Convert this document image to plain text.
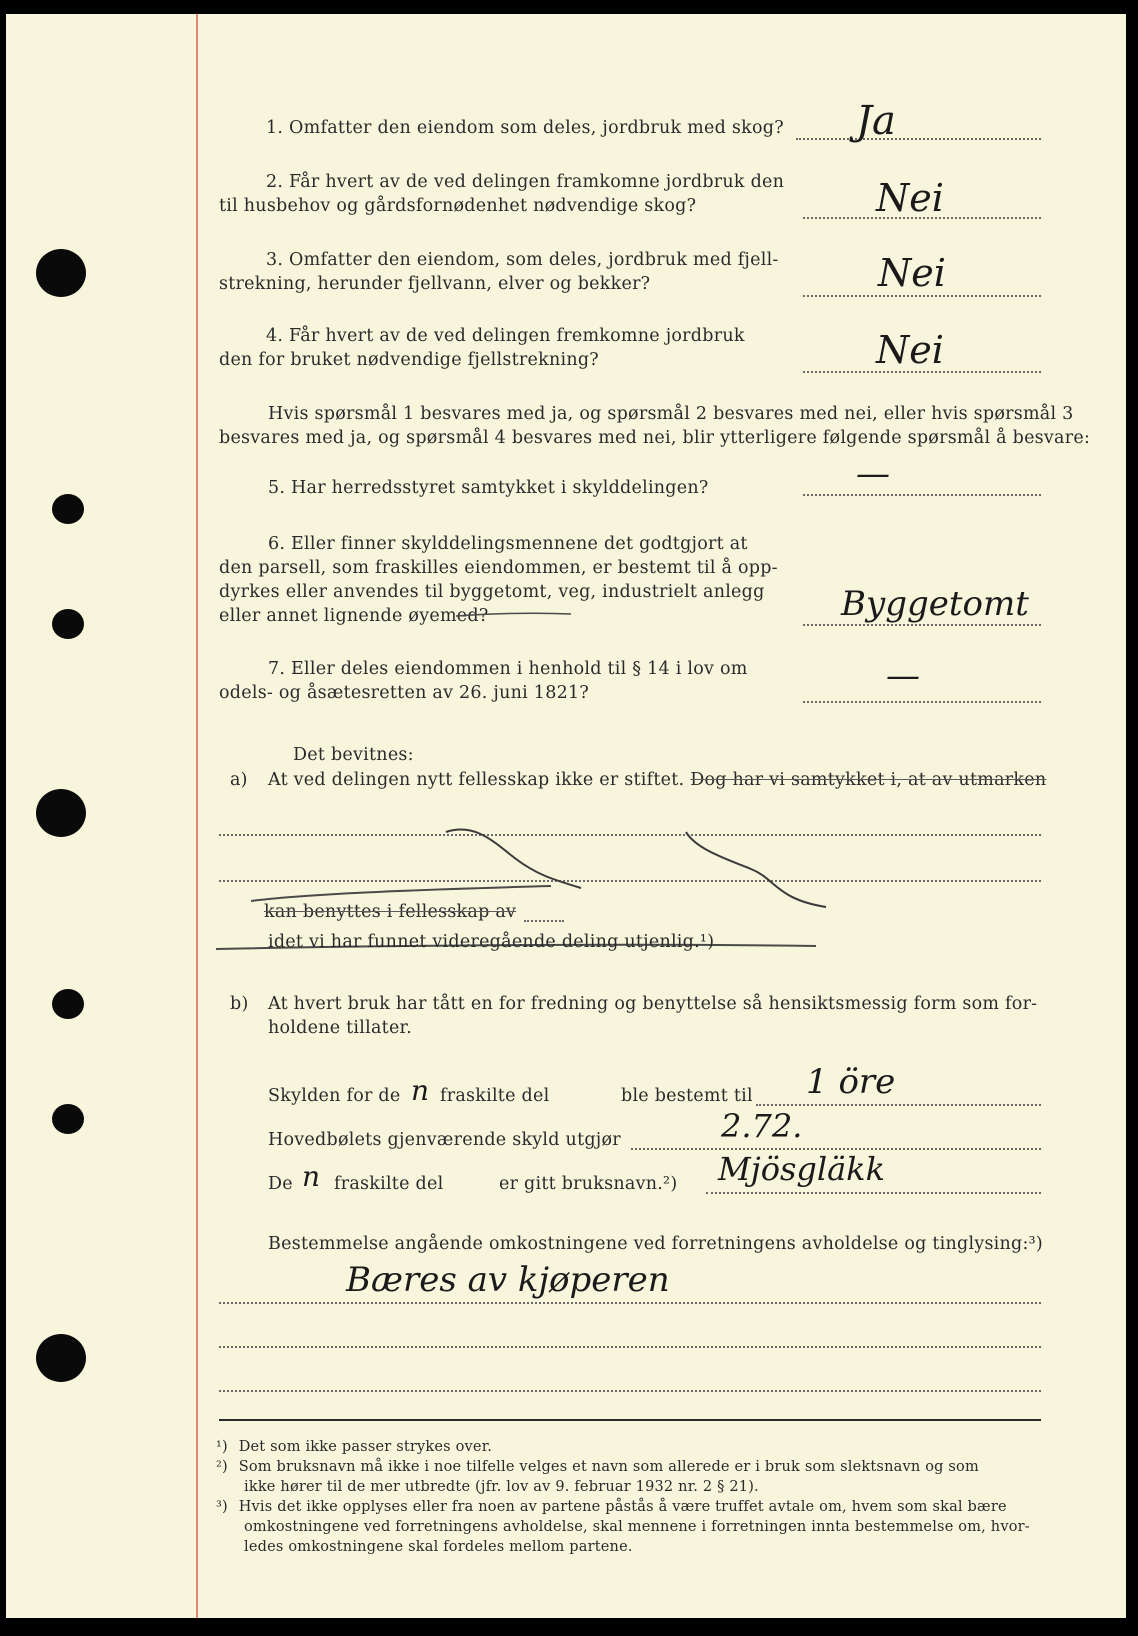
1. Omfatter den eiendom som deles, jordbruk med skog? Ja
2. Får hvert av de ved delingen framkomne jordbruk den
til husbehov og gårdsfornødenhet nødvendige skog?	Nei
3. Omfatter den eiendom, som deles, jordbruk med fjell-
strekning, herunder fjellvann, elver og bekker?	Nei
4. Får hvert av de ved delingen fremkomne jordbruk
den for bruket nødvendige fjellstrekning?	Nei
Hvis spørsmål 1 besvares med ja, og spørsmål 2 besvares med nei, eller hvis spørsmål 3
besvares med ja, og spørsmål 4 besvares med nei, blir ytterligere følgende spørsmål å besvare:
5. Har herredsstyret samtykket i skylddelingen?	—
6. Eller finner skylddelingsmennene det godtgjort at
den parsell, som fraskilles eiendommen, er bestemt til å opp-
dyrkes eller anvendes til byggetomt, veg, industrielt anlegg
eller annet lignende øyemed?	Byggetomt
7. Eller deles eiendommen i henhold til § 14 i lov om
odels- og åsætesretten av 26. juni 1821?	—
Det bevitnes:
a) At ved delingen nytt fellesskap ikke er stiftet. Dog har vi samtykket i, at av utmarken
kan benyttes i fellesskap av
idet vi har funnet videregående deling utjenlig.¹)
b) At hvert bruk har tått en for fredning og benyttelse så hensiktsmessig form som for-
holdene tillater.
Skylden for de n fraskilte del	ble bestemt til 1 öre
Hovedbølets gjenværende skyld utgjør	2.72.
De n fraskilte del	er gitt bruksnavn.²) Mjösgläkk
Bestemmelse angående omkostningene ved forretningens avholdelse og tinglysing:³)
Bæres av kjøperen
¹) Det som ikke passer strykes over.
²) Som bruksnavn må ikke i noe tilfelle velges et navn som allerede er i bruk som slektsnavn og som
ikke hører til de mer utbredte (jfr. lov av 9. februar 1932 nr. 2 § 21).
³) Hvis det ikke opplyses eller fra noen av partene påstås å være truffet avtale om, hvem som skal bære
omkostningene ved forretningens avholdelse, skal mennene i forretningen innta bestemmelse om, hvor-
ledes omkostningene skal fordeles mellom partene.
